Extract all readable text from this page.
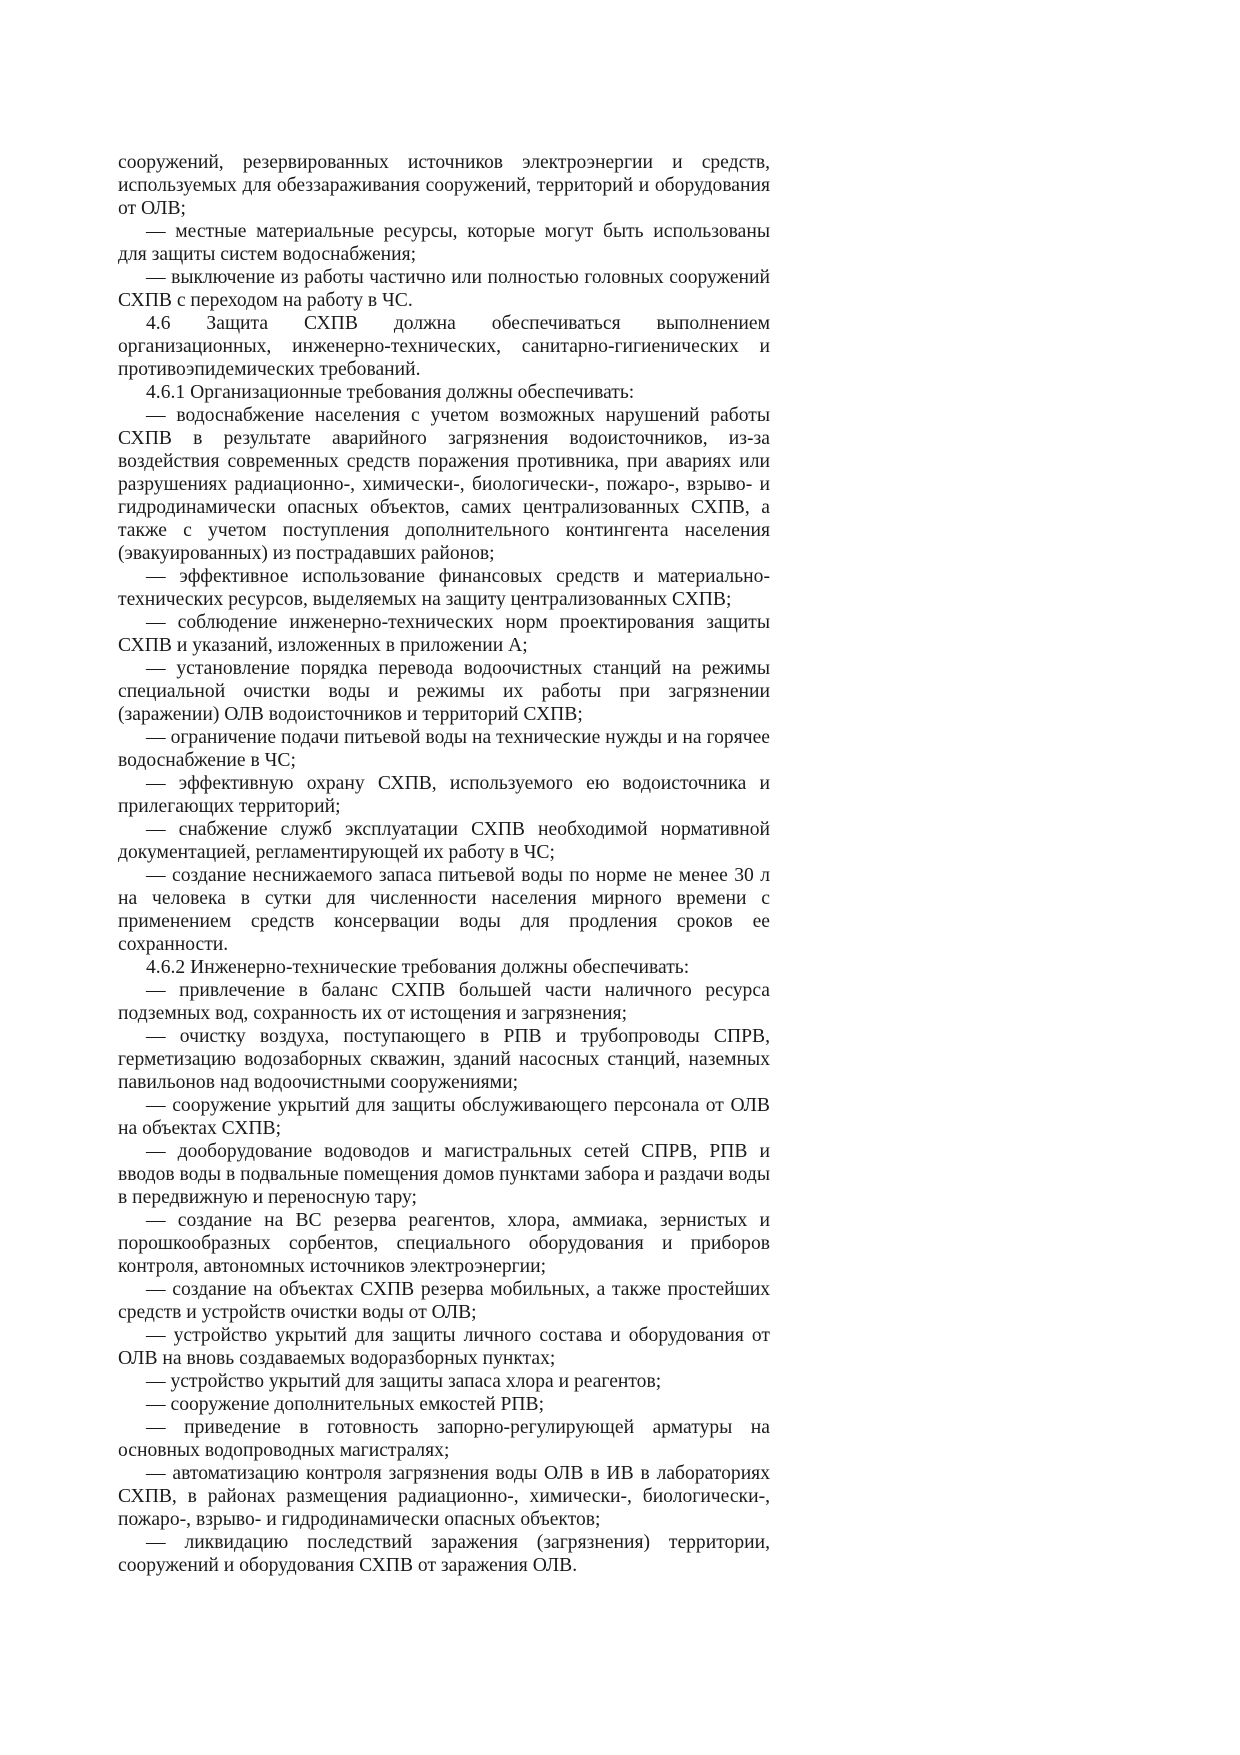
сооружений, резервированных источников электроэнергии и средств, используемых для обеззараживания сооружений, территорий и оборудования от ОЛВ;

— местные материальные ресурсы, которые могут быть использованы для защиты систем водоснабжения;

— выключение из работы частично или полностью головных сооружений СХПВ с переходом на работу в ЧС.

4.6 Защита СХПВ должна обеспечиваться выполнением организационных, инженерно-технических, санитарно-гигиенических и противоэпидемических требований.

4.6.1 Организационные требования должны обеспечивать:

— водоснабжение населения с учетом возможных нарушений работы СХПВ в результате аварийного загрязнения водоисточников, из-за воздействия современных средств поражения противника, при авариях или разрушениях радиационно-, химически-, биологически-, пожаро-, взрыво- и гидродинамически опасных объектов, самих централизованных СХПВ, а также с учетом поступления дополнительного контингента населения (эвакуированных) из пострадавших районов;

— эффективное использование финансовых средств и материально-технических ресурсов, выделяемых на защиту централизованных СХПВ;

— соблюдение инженерно-технических норм проектирования защиты СХПВ и указаний, изложенных в приложении А;

— установление порядка перевода водоочистных станций на режимы специальной очистки воды и режимы их работы при загрязнении (заражении) ОЛВ водоисточников и территорий СХПВ;

— ограничение подачи питьевой воды на технические нужды и на горячее водоснабжение в ЧС;

— эффективную охрану СХПВ, используемого ею водоисточника и прилегающих территорий;

— снабжение служб эксплуатации СХПВ необходимой нормативной документацией, регламентирующей их работу в ЧС;

— создание неснижаемого запаса питьевой воды по норме не менее 30 л на человека в сутки для численности населения мирного времени с применением средств консервации воды для продления сроков ее сохранности.

4.6.2 Инженерно-технические требования должны обеспечивать:

— привлечение в баланс СХПВ большей части наличного ресурса подземных вод, сохранность их от истощения и загрязнения;

— очистку воздуха, поступающего в РПВ и трубопроводы СПРВ, герметизацию водозаборных скважин, зданий насосных станций, наземных павильонов над водоочистными сооружениями;

— сооружение укрытий для защиты обслуживающего персонала от ОЛВ на объектах СХПВ;

— дооборудование водоводов и магистральных сетей СПРВ, РПВ и вводов воды в подвальные помещения домов пунктами забора и раздачи воды в передвижную и переносную тару;

— создание на ВС резерва реагентов, хлора, аммиака, зернистых и порошкообразных сорбентов, специального оборудования и приборов контроля, автономных источников электроэнергии;

— создание на объектах СХПВ резерва мобильных, а также простейших средств и устройств очистки воды от ОЛВ;

— устройство укрытий для защиты личного состава и оборудования от ОЛВ на вновь создаваемых водоразборных пунктах;

— устройство укрытий для защиты запаса хлора и реагентов;

— сооружение дополнительных емкостей РПВ;

— приведение в готовность запорно-регулирующей арматуры на основных водопроводных магистралях;

— автоматизацию контроля загрязнения воды ОЛВ в ИВ в лабораториях СХПВ, в районах размещения радиационно-, химически-, биологически-, пожаро-, взрыво- и гидродинамически опасных объектов;

— ликвидацию последствий заражения (загрязнения) территории, сооружений и оборудования СХПВ от заражения ОЛВ.
